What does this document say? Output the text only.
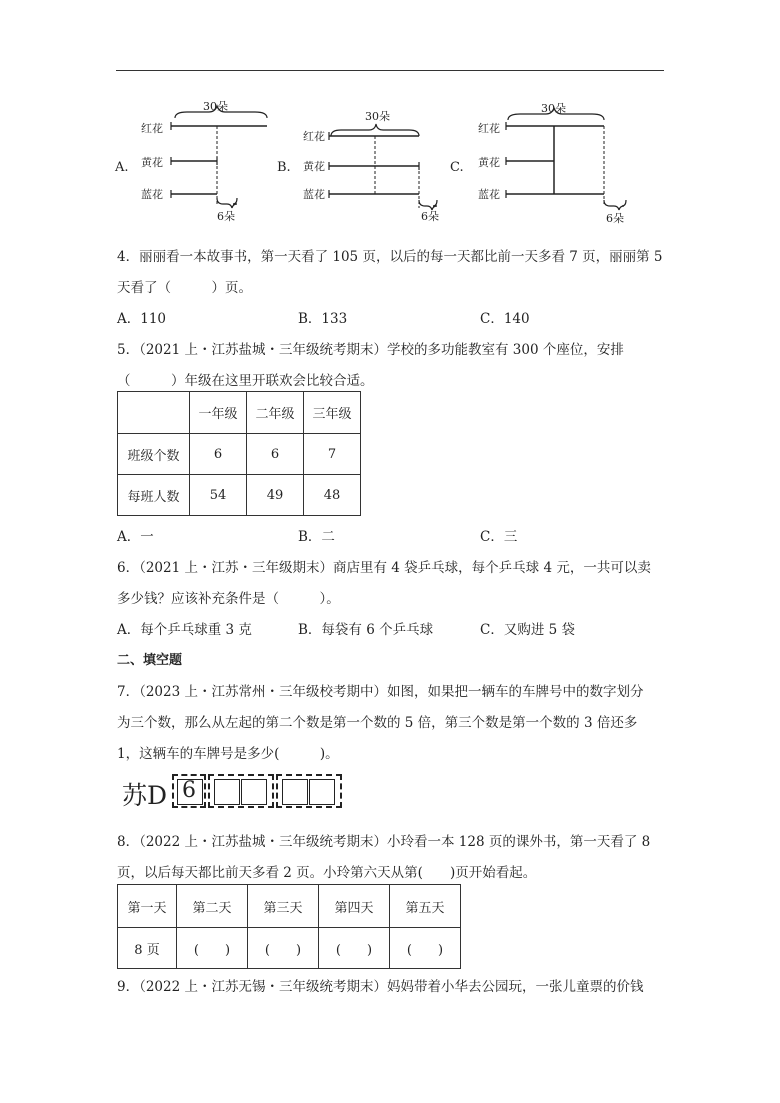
A.
30朵
红花
黄花
蓝花
6朵
B.
30朵
红花
黄花
蓝花
6朵
C.
30朵
红花
黄花
蓝花
6朵
4．丽丽看一本故事书，第一天看了 105 页，以后的每一天都比前一天多看 7 页，丽丽第 5
天看了（　　　）页。
A．110	B．133	C．140
5．（2021 上・江苏盐城・三年级统考期末）学校的多功能教室有 300 个座位，安排
（　　　）年级在这里开联欢会比较合适。
	一年级	二年级	三年级
班级个数	6	6	7
每班人数	54	49	48
A．一	B．二	C．三
6．（2021 上・江苏・三年级期末）商店里有 4 袋乒乓球，每个乒乓球 4 元，一共可以卖
多少钱？应该补充条件是（　　　）。
A．每个乒乓球重 3 克	B．每袋有 6 个乒乓球	C．又购进 5 袋
二、填空题
7．（2023 上・江苏常州・三年级校考期中）如图，如果把一辆车的车牌号中的数字划分
为三个数，那么从左起的第二个数是第一个数的 5 倍，第三个数是第一个数的 3 倍还多
1，这辆车的车牌号是多少(　　　)。
苏D 6
8．（2022 上・江苏盐城・三年级统考期末）小玲看一本 128 页的课外书，第一天看了 8
页，以后每天都比前天多看 2 页。小玲第六天从第(　　)页开始看起。
第一天	第二天	第三天	第四天	第五天
8 页	(　　)	(　　)	(　　)	(　　)
9．（2022 上・江苏无锡・三年级统考期末）妈妈带着小华去公园玩，一张儿童票的价钱
